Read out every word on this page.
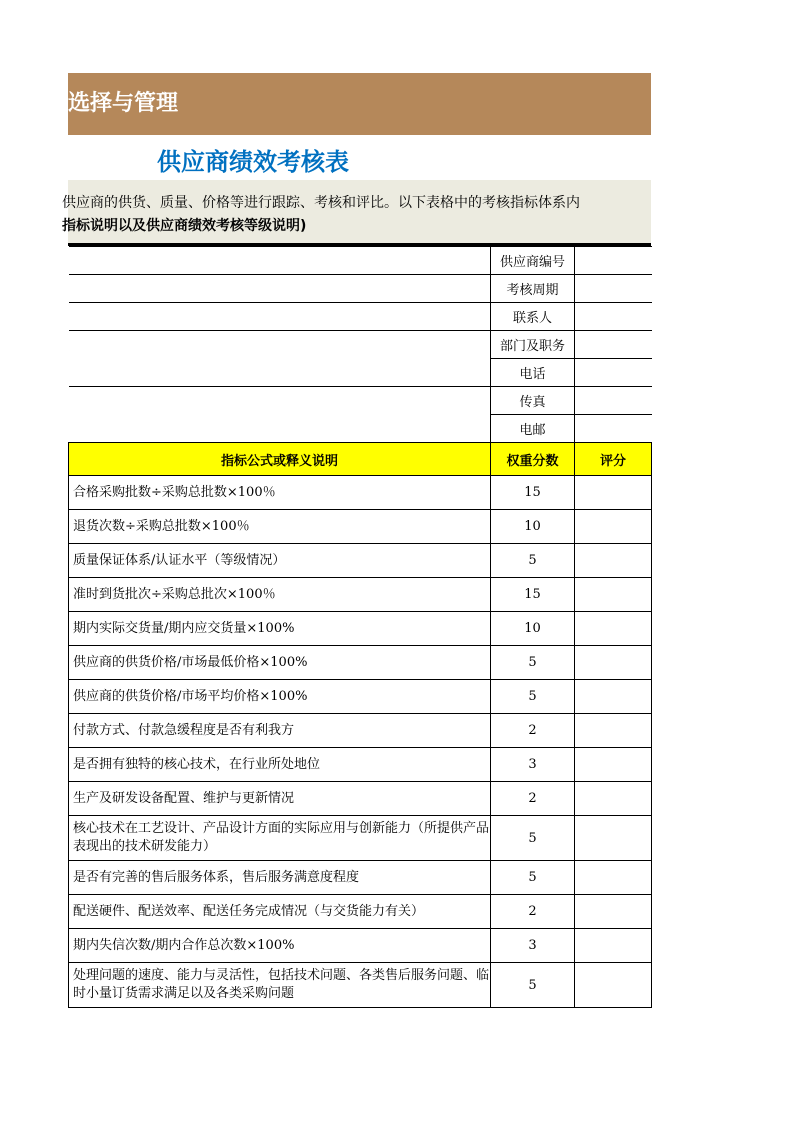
商选择与管理
供应商绩效考核表
供应商的供货、质量、价格等进行跟踪、考核和评比。以下表格中的考核指标体系内
指标说明以及供应商绩效考核等级说明)
	供应商编号	
	考核周期	
	联系人	
	部门及职务	
	电话	
	传真	
	电邮	
指标公式或释义说明	权重分数	评分
合格采购批数÷采购总批数×100％	15	
退货次数÷采购总批数×100％	10	
质量保证体系/认证水平（等级情况）	5	
准时到货批次÷采购总批次×100％	15	
期内实际交货量/期内应交货量×100%	10	
供应商的供货价格/市场最低价格×100%	5	
供应商的供货价格/市场平均价格×100%	5	
付款方式、付款急缓程度是否有利我方	2	
是否拥有独特的核心技术，在行业所处地位	3	
生产及研发设备配置、维护与更新情况	2	
核心技术在工艺设计、产品设计方面的实际应用与创新能力（所提供产品表现出的技术研发能力）	5	
是否有完善的售后服务体系，售后服务满意度程度	5	
配送硬件、配送效率、配送任务完成情况（与交货能力有关）	2	
期内失信次数/期内合作总次数×100%	3	
处理问题的速度、能力与灵活性，包括技术问题、各类售后服务问题、临时小量订货需求满足以及各类采购问题	5	
